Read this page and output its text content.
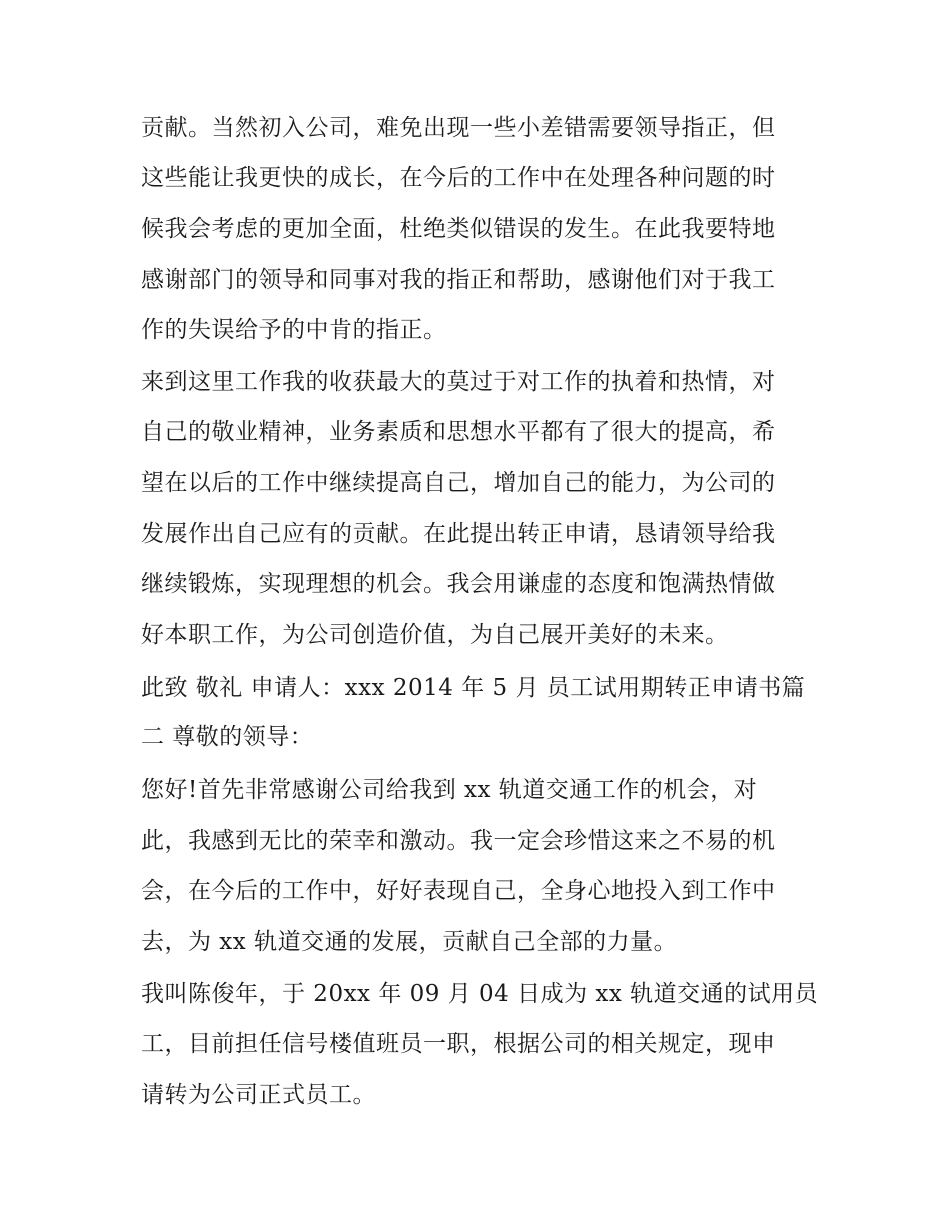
贡献。当然初入公司，难免出现一些小差错需要领导指正，但
这些能让我更快的成长，在今后的工作中在处理各种问题的时
候我会考虑的更加全面，杜绝类似错误的发生。在此我要特地
感谢部门的领导和同事对我的指正和帮助，感谢他们对于我工
作的失误给予的中肯的指正。
来到这里工作我的收获最大的莫过于对工作的执着和热情，对
自己的敬业精神，业务素质和思想水平都有了很大的提高，希
望在以后的工作中继续提高自己，增加自己的能力，为公司的
发展作出自己应有的贡献。在此提出转正申请，恳请领导给我
继续锻炼，实现理想的机会。我会用谦虚的态度和饱满热情做
好本职工作，为公司创造价值，为自己展开美好的未来。
此致 敬礼 申请人：xxx 2014 年 5 月 员工试用期转正申请书篇
二 尊敬的领导：
您好!首先非常感谢公司给我到 xx 轨道交通工作的机会，对
此，我感到无比的荣幸和激动。我一定会珍惜这来之不易的机
会，在今后的工作中，好好表现自己，全身心地投入到工作中
去，为 xx 轨道交通的发展，贡献自己全部的力量。
我叫陈俊年，于 20xx 年 09 月 04 日成为 xx 轨道交通的试用员
工，目前担任信号楼值班员一职，根据公司的相关规定，现申
请转为公司正式员工。
